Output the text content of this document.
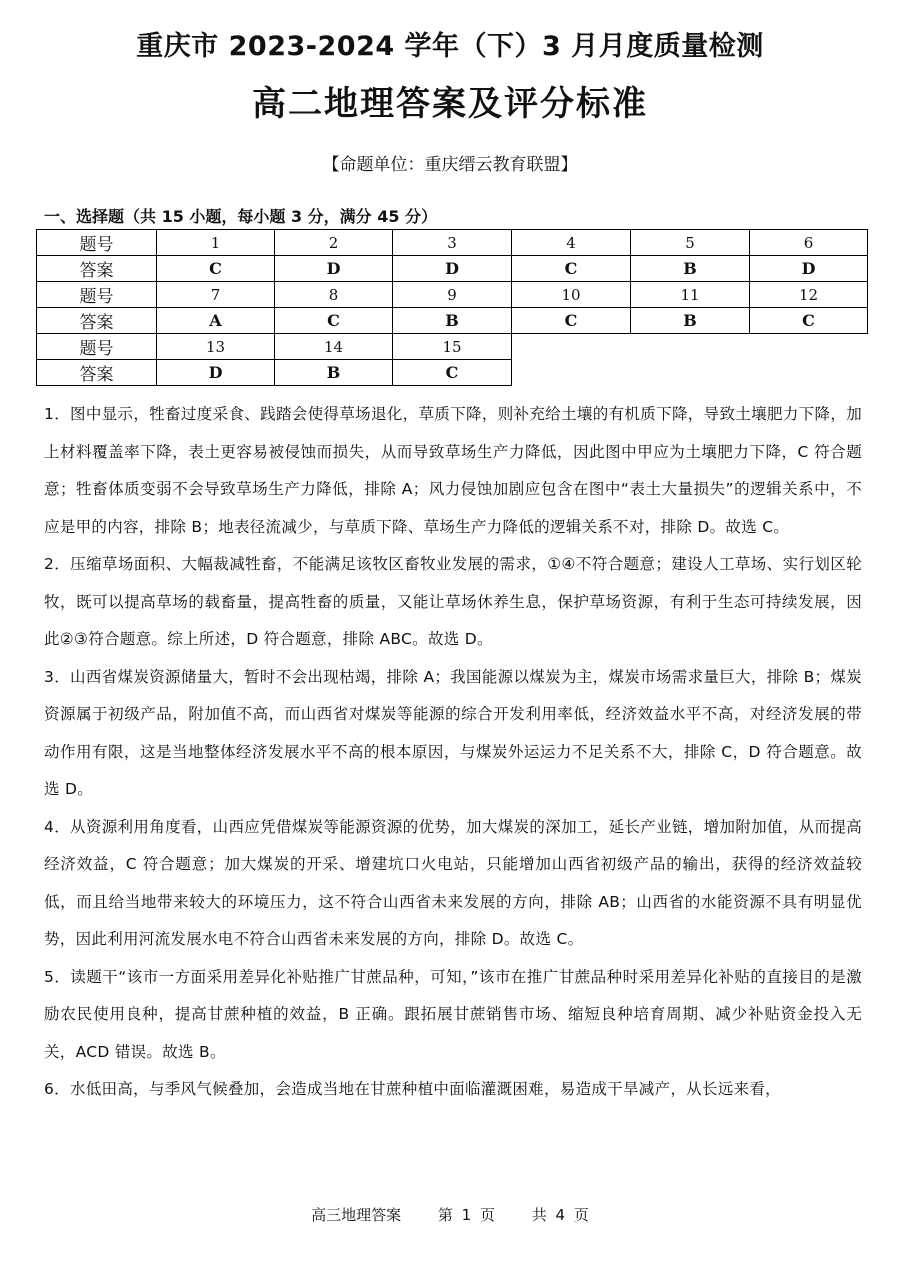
重庆市 2023-2024 学年（下）3 月月度质量检测
高二地理答案及评分标准
【命题单位：重庆缙云教育联盟】
一、选择题（共 15 小题，每小题 3 分，满分 45 分）
题号	1	2	3	4	5	6
答案	C	D	D	C	B	D
题号	7	8	9	10	11	12
答案	A	C	B	C	B	C
题号	13	14	15			
答案	D	B	C			

1．图中显示，牲畜过度采食、践踏会使得草场退化，草质下降，则补充给土壤的有机质下降，导致土壤肥力下降，加上材料覆盖率下降，表土更容易被侵蚀而损失，从而导致草场生产力降低，因此图中甲应为土壤肥力下降，C 符合题意；牲畜体质变弱不会导致草场生产力降低，排除 A；风力侵蚀加剧应包含在图中“表土大量损失”的逻辑关系中，不应是甲的内容，排除 B；地表径流减少，与草质下降、草场生产力降低的逻辑关系不对，排除 D。故选 C。

2．压缩草场面积、大幅裁减牲畜，不能满足该牧区畜牧业发展的需求，①④不符合题意；建设人工草场、实行划区轮牧，既可以提高草场的载畜量，提高牲畜的质量，又能让草场休养生息，保护草场资源，有利于生态可持续发展，因此②③符合题意。综上所述，D 符合题意，排除 ABC。故选 D。

3．山西省煤炭资源储量大，暂时不会出现枯竭，排除 A；我国能源以煤炭为主，煤炭市场需求量巨大，排除 B；煤炭资源属于初级产品，附加值不高，而山西省对煤炭等能源的综合开发利用率低，经济效益水平不高，对经济发展的带动作用有限，这是当地整体经济发展水平不高的根本原因，与煤炭外运运力不足关系不大，排除 C，D 符合题意。故选 D。

4．从资源利用角度看，山西应凭借煤炭等能源资源的优势，加大煤炭的深加工，延长产业链，增加附加值，从而提高经济效益，C 符合题意；加大煤炭的开采、增建坑口火电站，只能增加山西省初级产品的输出，获得的经济效益较低，而且给当地带来较大的环境压力，这不符合山西省未来发展的方向，排除 AB；山西省的水能资源不具有明显优势，因此利用河流发展水电不符合山西省未来发展的方向，排除 D。故选 C。

5．读题干“该市一方面采用差异化补贴推广甘蔗品种，可知，”该市在推广甘蔗品种时采用差异化补贴的直接目的是激励农民使用良种，提高甘蔗种植的效益，B 正确。跟拓展甘蔗销售市场、缩短良种培育周期、减少补贴资金投入无关，ACD 错误。故选 B。

6．水低田高，与季风气候叠加，会造成当地在甘蔗种植中面临灌溉困难，易造成干旱减产，从长远来看，

高三地理答案 第 1 页 共 4 页
